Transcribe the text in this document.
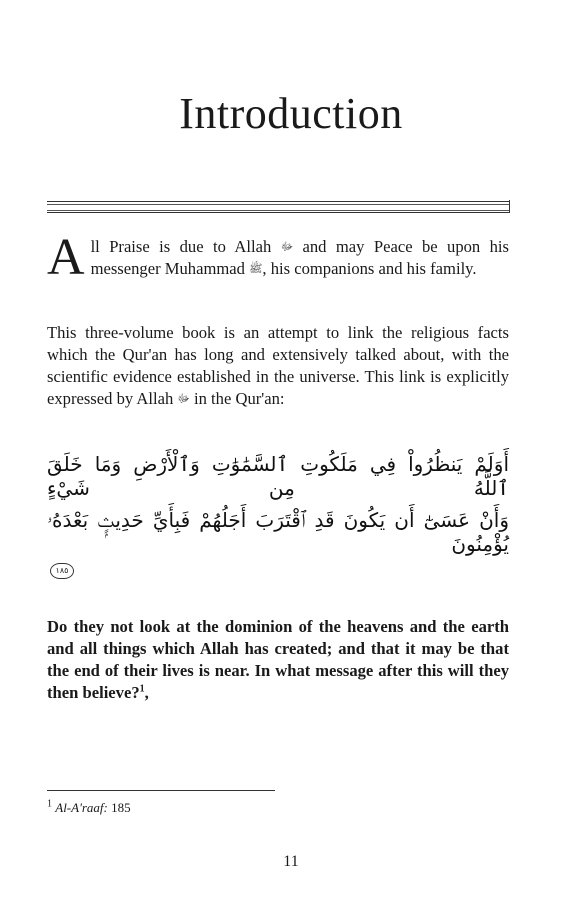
Introduction
All Praise is due to Allah ﷻ and may Peace be upon his messenger Muhammad ﷺ, his companions and his family.
This three-volume book is an attempt to link the religious facts which the Qur'an has long and extensively talked about, with the scientific evidence established in the universe. This link is explicitly expressed by Allah ﷻ in the Qur'an:
أَوَلَمْ يَنظُرُواْ فِي مَلَكُوتِ ٱلسَّمَٰوَٰتِ وَٱلْأَرْضِ وَمَا خَلَقَ ٱللَّهُ مِن شَيْءٍ
وَأَنْ عَسَىٰٓ أَن يَكُونَ قَدِ ٱقْتَرَبَ أَجَلُهُمْ فَبِأَيِّ حَدِيثٍۭ بَعْدَهُۥ يُؤْمِنُونَ
١٨٥
Do they not look at the dominion of the heavens and the earth and all things which Allah has created; and that it may be that the end of their lives is near. In what message after this will they then believe?$^1$,
$^1$ Al-A'raaf: 185
11
